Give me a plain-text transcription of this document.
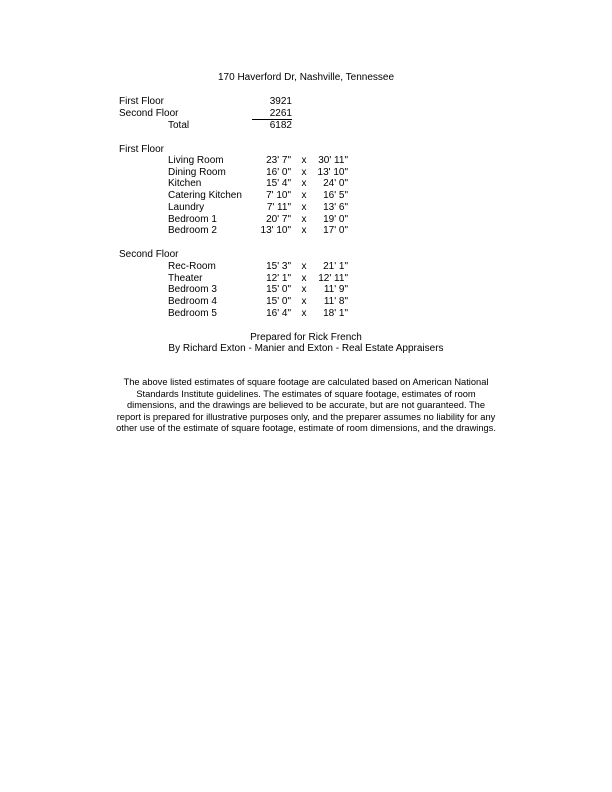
170 Haverford Dr, Nashville, Tennessee
First Floor	3921
Second Floor	2261
Total	6182
First Floor
Living Room	23' 7" x	30' 11"
Dining Room	16' 0" x	13' 10"
Kitchen	15' 4" x	24' 0"
Catering Kitchen	7' 10" x	16' 5"
Laundry	7' 11" x	13' 6"
Bedroom 1	20' 7" x	19' 0"
Bedroom 2	13' 10" x	17' 0"
Second Floor
Rec-Room	15' 3" x	21' 1"
Theater	12' 1" x	12' 11"
Bedroom 3	15' 0" x	11' 9"
Bedroom 4	15' 0" x	11' 8"
Bedroom 5	16' 4" x	18' 1"
Prepared for Rick French
By Richard Exton - Manier and Exton - Real Estate Appraisers
The above listed estimates of square footage are calculated based on American National Standards Institute guidelines. The estimates of square footage, estimates of room dimensions, and the drawings are believed to be accurate, but are not guaranteed. The report is prepared for illustrative purposes only, and the preparer assumes no liability for any other use of the estimate of square footage, estimate of room dimensions, and the drawings.
